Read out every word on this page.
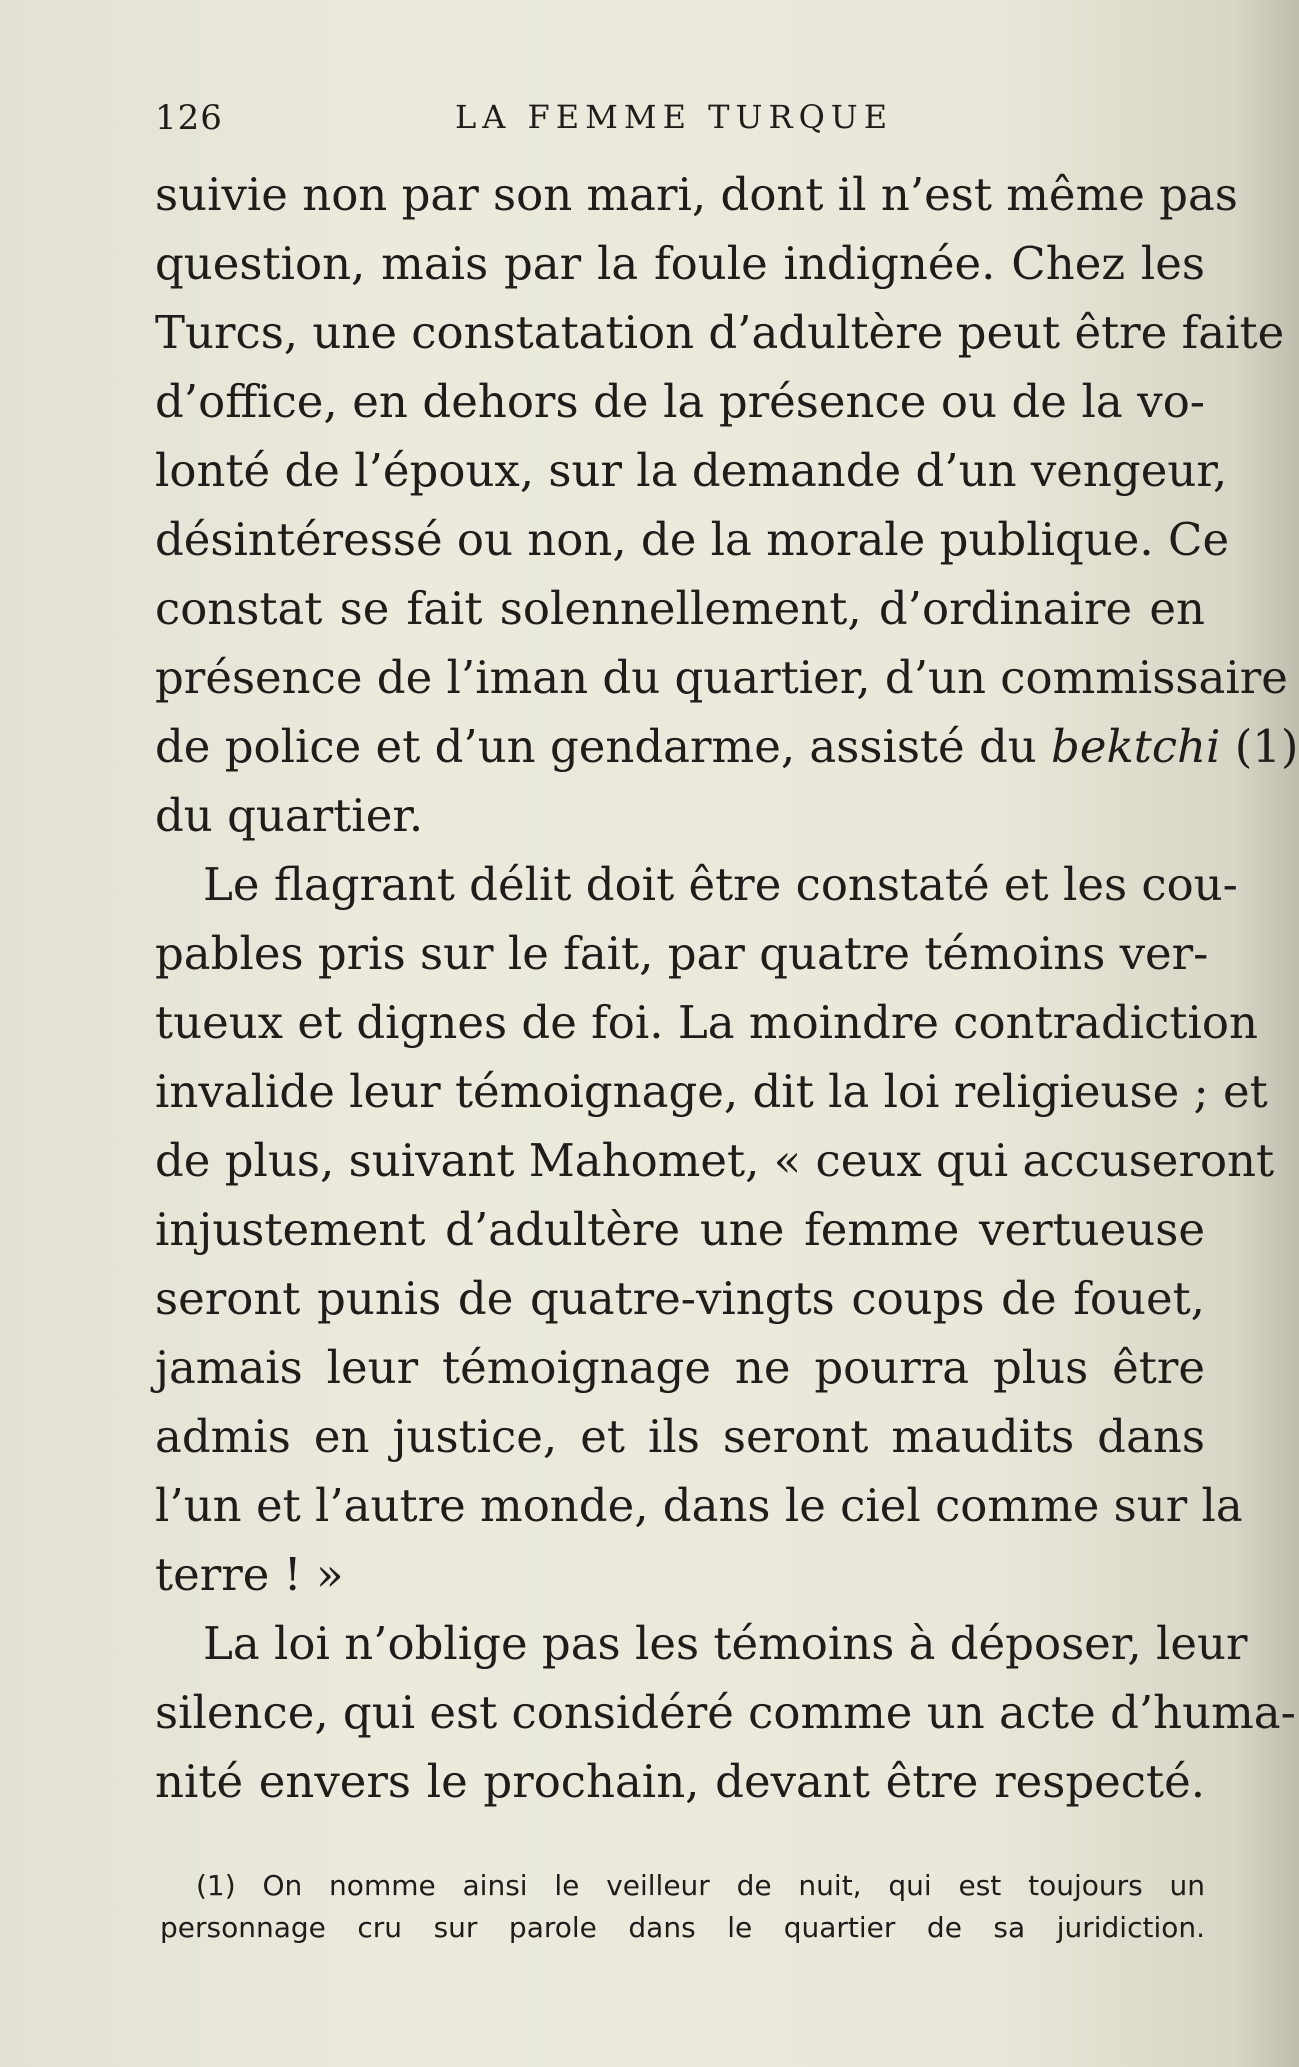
126	LA FEMME TURQUE
suivie non par son mari, dont il n’est même pas
question, mais par la foule indignée. Chez les
Turcs, une constatation d’adultère peut être faite
d’office, en dehors de la présence ou de la vo-
lonté de l’époux, sur la demande d’un vengeur,
désintéressé ou non, de la morale publique. Ce
constat se fait solennellement, d’ordinaire en
présence de l’iman du quartier, d’un commissaire
de police et d’un gendarme, assisté du bektchi (1)
du quartier.
Le flagrant délit doit être constaté et les cou-
pables pris sur le fait, par quatre témoins ver-
tueux et dignes de foi. La moindre contradiction
invalide leur témoignage, dit la loi religieuse ; et
de plus, suivant Mahomet, « ceux qui accuseront
injustement d’adultère une femme vertueuse
seront punis de quatre-vingts coups de fouet,
jamais leur témoignage ne pourra plus être
admis en justice, et ils seront maudits dans
l’un et l’autre monde, dans le ciel comme sur la
terre ! »
La loi n’oblige pas les témoins à déposer, leur
silence, qui est considéré comme un acte d’huma-
nité envers le prochain, devant être respecté.
(1) On nomme ainsi le veilleur de nuit, qui est toujours un
personnage cru sur parole dans le quartier de sa juridiction.
